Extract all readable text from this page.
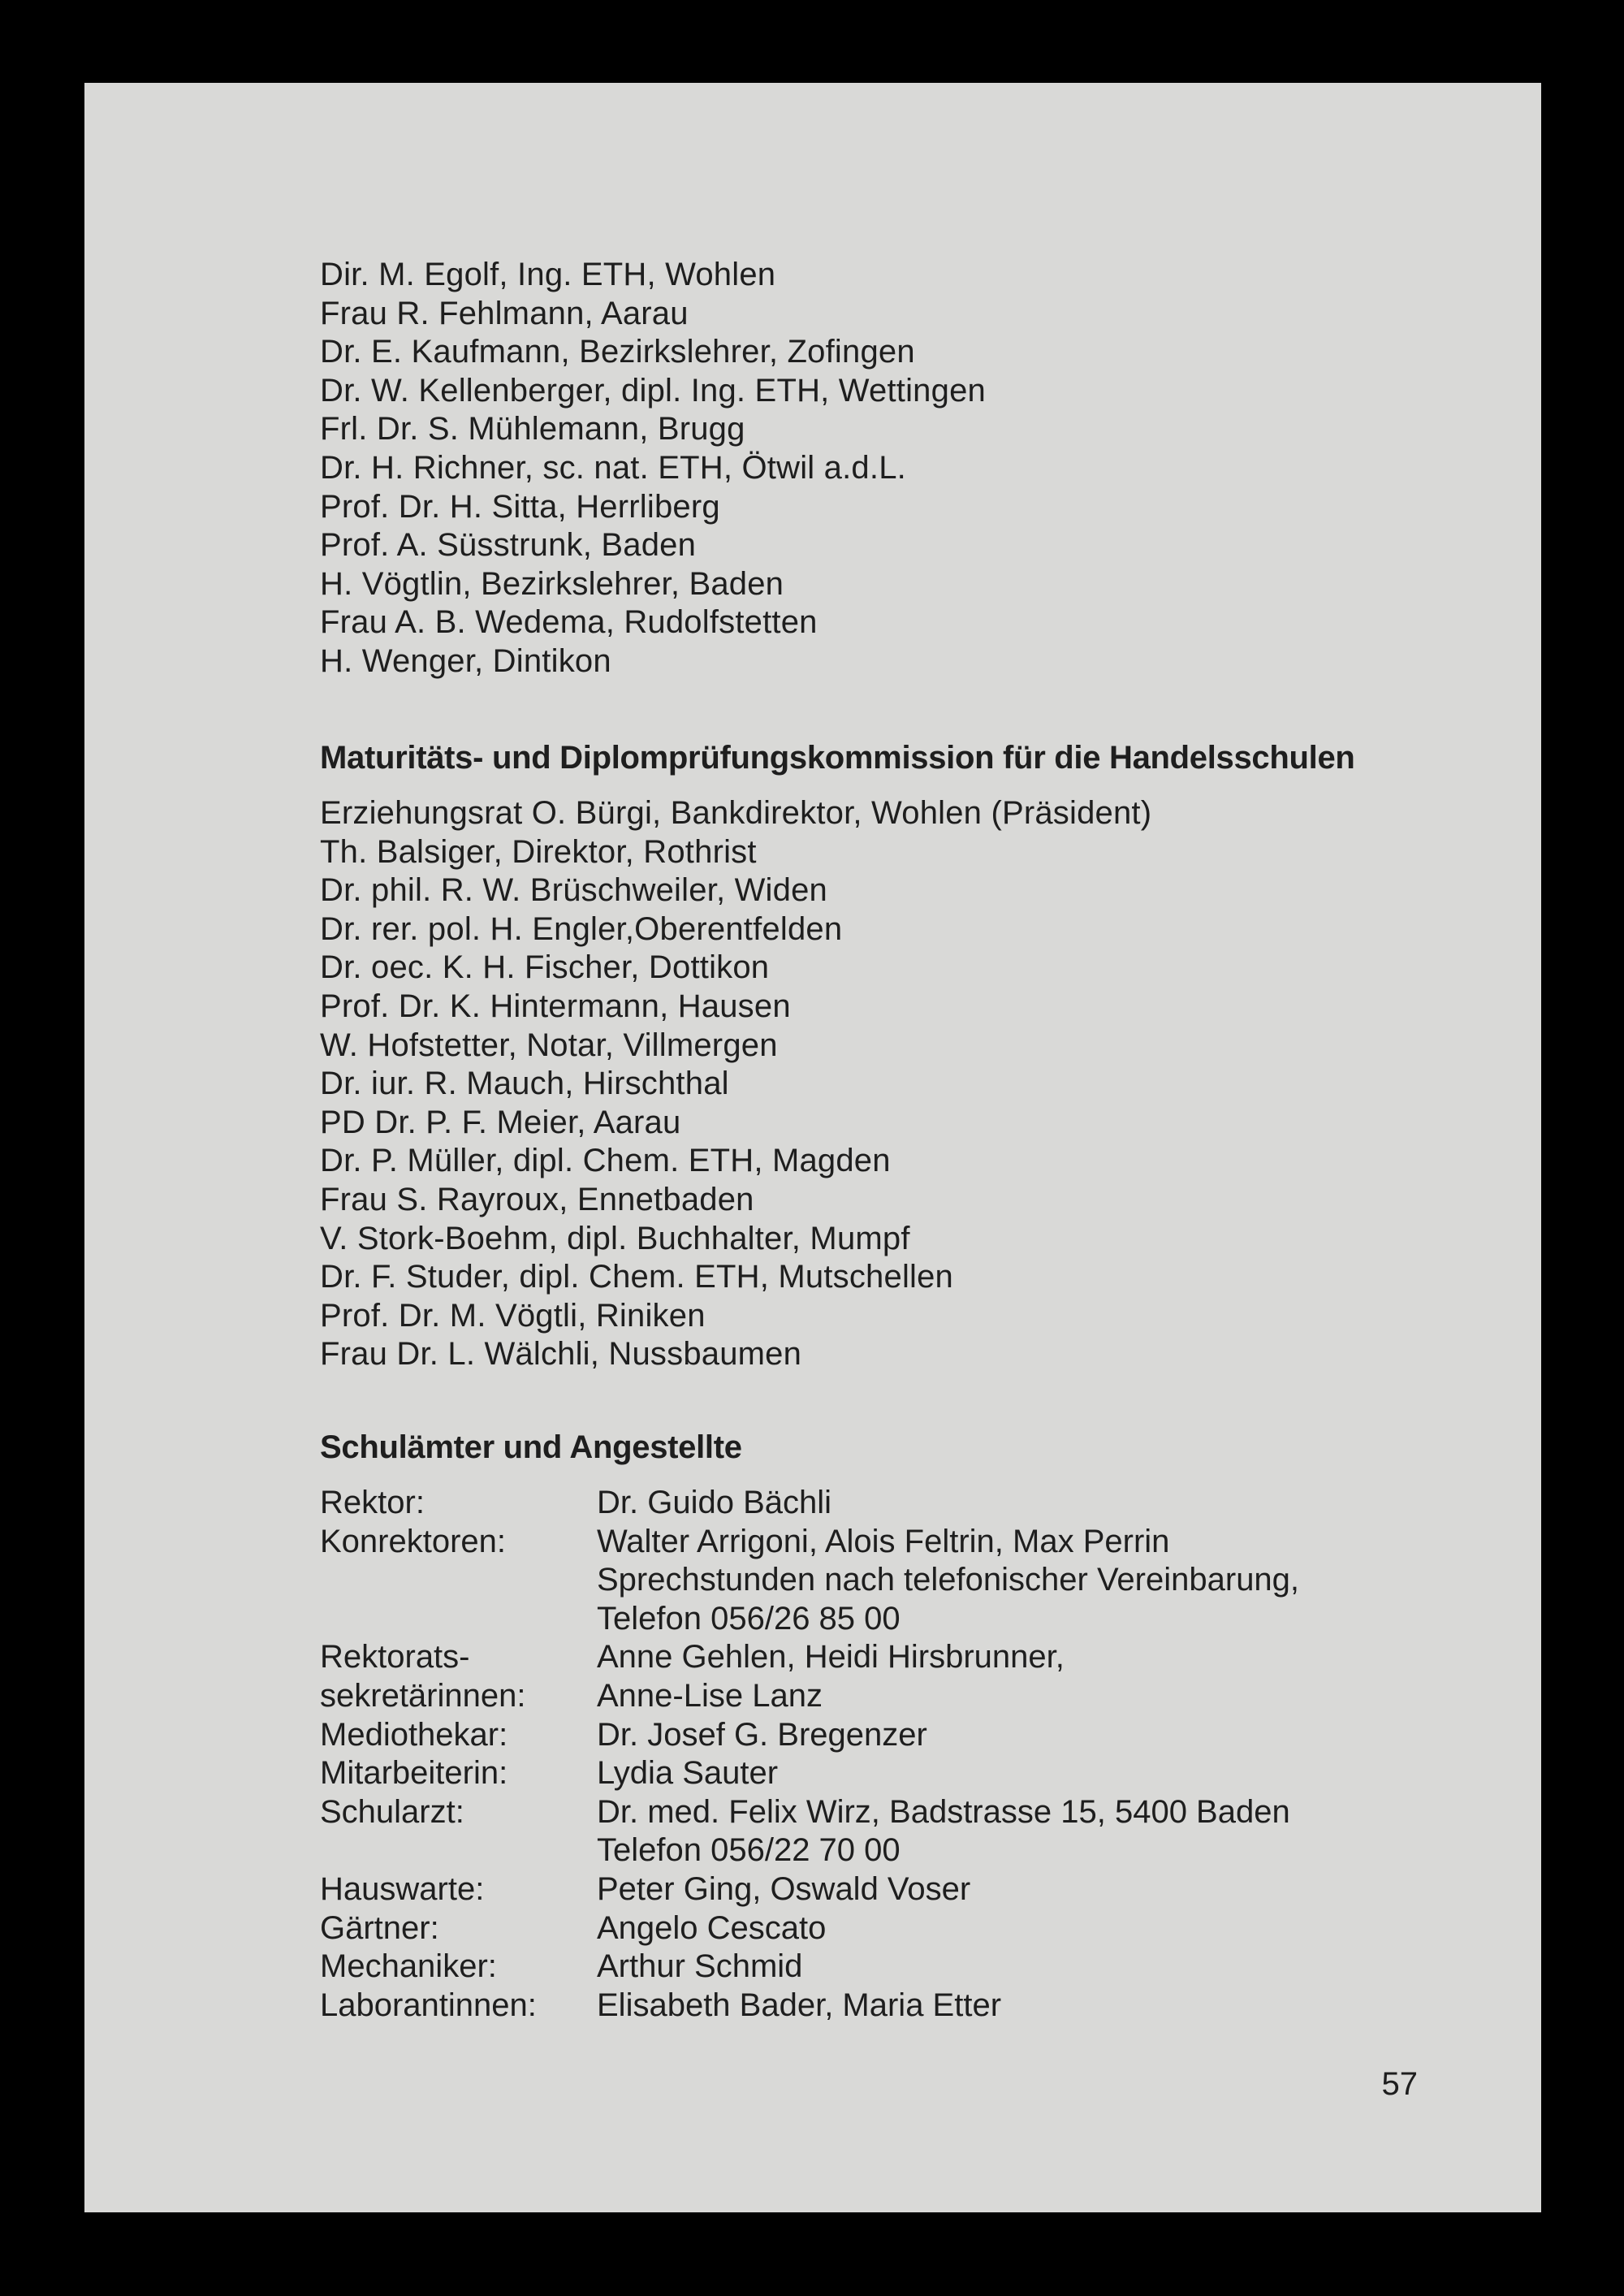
Dir. M. Egolf, Ing. ETH, Wohlen
Frau R. Fehlmann, Aarau
Dr. E. Kaufmann, Bezirkslehrer, Zofingen
Dr. W. Kellenberger, dipl. Ing. ETH, Wettingen
Frl. Dr. S. Mühlemann, Brugg
Dr. H. Richner, sc. nat. ETH, Ötwil a.d.L.
Prof. Dr. H. Sitta, Herrliberg
Prof. A. Süsstrunk, Baden
H. Vögtlin, Bezirkslehrer, Baden
Frau A. B. Wedema, Rudolfstetten
H. Wenger, Dintikon
Maturitäts- und Diplomprüfungskommission für die Handelsschulen
Erziehungsrat O. Bürgi, Bankdirektor, Wohlen (Präsident)
Th. Balsiger, Direktor, Rothrist
Dr. phil. R. W. Brüschweiler, Widen
Dr. rer. pol. H. Engler,Oberentfelden
Dr. oec. K. H. Fischer, Dottikon
Prof. Dr. K. Hintermann, Hausen
W. Hofstetter, Notar, Villmergen
Dr. iur. R. Mauch, Hirschthal
PD Dr. P. F. Meier, Aarau
Dr. P. Müller, dipl. Chem. ETH, Magden
Frau S. Rayroux, Ennetbaden
V. Stork-Boehm, dipl. Buchhalter, Mumpf
Dr. F. Studer, dipl. Chem. ETH, Mutschellen
Prof. Dr. M. Vögtli, Riniken
Frau Dr. L. Wälchli, Nussbaumen
Schulämter und Angestellte
Rektor:	Dr. Guido Bächli
Konrektoren:	Walter Arrigoni, Alois Feltrin, Max Perrin
Sprechstunden nach telefonischer Vereinbarung,
Telefon 056/26 85 00
Rektorats-	Anne Gehlen, Heidi Hirsbrunner,
sekretärinnen:	Anne-Lise Lanz
Mediothekar:	Dr. Josef G. Bregenzer
Mitarbeiterin:	Lydia Sauter
Schularzt:	Dr. med. Felix Wirz, Badstrasse 15, 5400 Baden
Telefon 056/22 70 00
Hauswarte:	Peter Ging, Oswald Voser
Gärtner:	Angelo Cescato
Mechaniker:	Arthur Schmid
Laborantinnen:	Elisabeth Bader, Maria Etter
57
